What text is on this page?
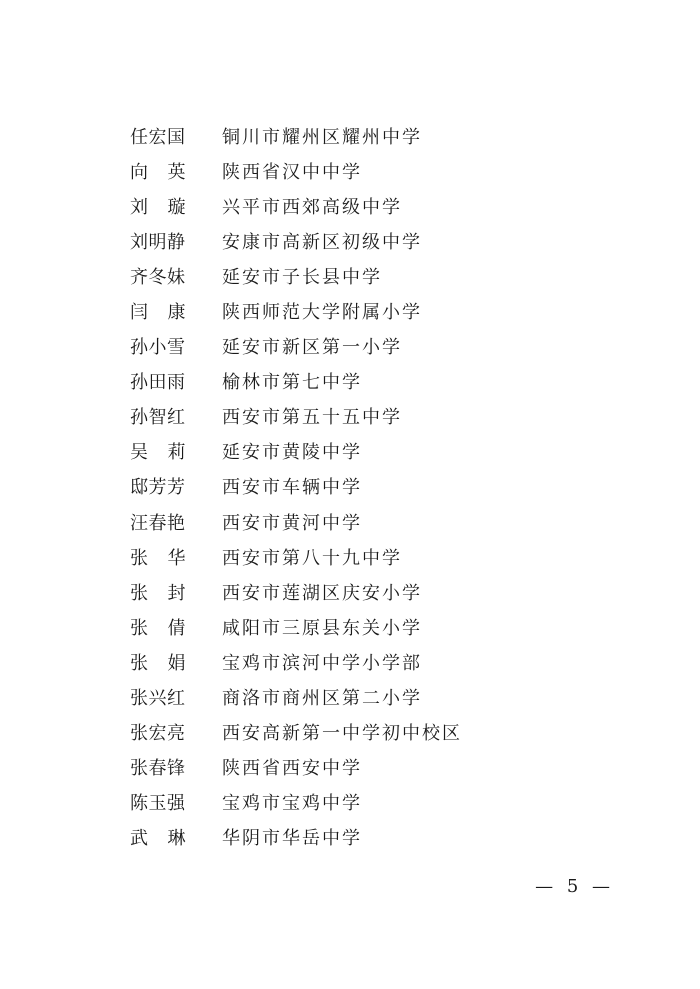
任宏国	铜川市耀州区耀州中学
向 英 陕西省汉中中学
刘 璇 兴平市西郊高级中学
刘明静	安康市高新区初级中学
齐冬妹	延安市子长县中学
闫 康 陕西师范大学附属小学
孙小雪	延安市新区第一小学
孙田雨	榆林市第七中学
孙智红	西安市第五十五中学
吴 莉 延安市黄陵中学
邸芳芳	西安市车辆中学
汪春艳	西安市黄河中学
张 华 西安市第八十九中学
张 封 西安市莲湖区庆安小学
张 倩 咸阳市三原县东关小学
张 娟 宝鸡市滨河中学小学部
张兴红	商洛市商州区第二小学
张宏亮	西安高新第一中学初中校区
张春锋	陕西省西安中学
陈玉强	宝鸡市宝鸡中学
武 琳 华阴市华岳中学
— 5 —
